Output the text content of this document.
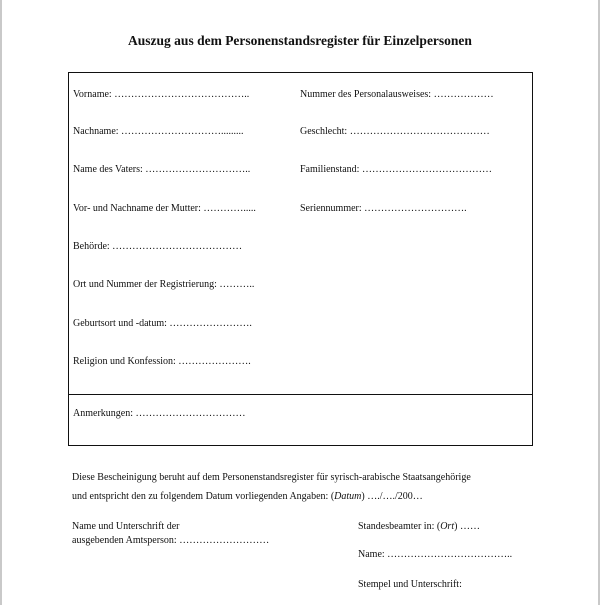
Auszug aus dem Personenstandsregister für Einzelpersonen
Vorname: …………………………………..
Nachname: ………………………….........
Name des Vaters: …………………………..
Vor- und Nachname der Mutter: ………….....
Behörde: …………………………………
Ort und Nummer der Registrierung: ………..
Geburtsort und -datum: …………………….
Religion und Konfession: ………………….
Nummer des Personalausweises: ………………
Geschlecht: ……………………………………
Familienstand: …………………………………
Seriennummer: ………………………….
Anmerkungen: ……………………………
Diese Bescheinigung beruht auf dem Personenstandsregister für syrisch-arabische Staatsangehörige
und entspricht den zu folgendem Datum vorliegenden Angaben: (Datum) …./…./200…
Name und Unterschrift der
ausgebenden Amtsperson: ………………………
Standesbeamter in: (Ort) ……
Name: ………………………………..
Stempel und Unterschrift:
